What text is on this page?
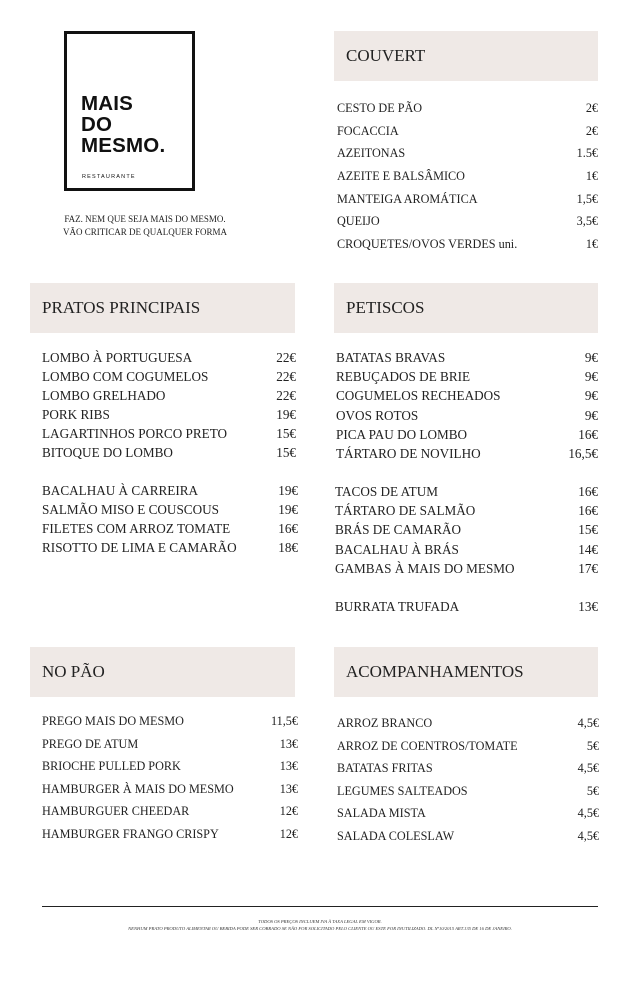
MAIS
DO
MESMO.
RESTAURANTE
FAZ. NEM QUE SEJA MAIS DO MESMO.
VÃO CRITICAR DE QUALQUER FORMA
COUVERT
CESTO DE PÃO	2€
FOCACCIA	2€
AZEITONAS	1.5€
AZEITE E BALSÂMICO	1€
MANTEIGA AROMÁTICA	1,5€
QUEIJO	3,5€
CROQUETES/OVOS VERDES uni.	1€
PRATOS PRINCIPAIS
LOMBO À PORTUGUESA	22€
LOMBO COM COGUMELOS	22€
LOMBO GRELHADO	22€
PORK RIBS	19€
LAGARTINHOS PORCO PRETO	15€
BITOQUE DO LOMBO	15€
BACALHAU À CARREIRA	19€
SALMÃO MISO E COUSCOUS	19€
FILETES COM ARROZ TOMATE	16€
RISOTTO DE LIMA E CAMARÃO	18€
PETISCOS
BATATAS BRAVAS	9€
REBUÇADOS DE BRIE	9€
COGUMELOS RECHEADOS	9€
OVOS ROTOS	9€
PICA PAU DO LOMBO	16€
TÁRTARO DE NOVILHO	16,5€
TACOS DE ATUM	16€
TÁRTARO DE SALMÃO	16€
BRÁS DE CAMARÃO	15€
BACALHAU À BRÁS	14€
GAMBAS À MAIS DO MESMO	17€
BURRATA TRUFADA	13€
NO PÃO
PREGO MAIS DO MESMO	11,5€
PREGO DE ATUM	13€
BRIOCHE PULLED PORK	13€
HAMBURGER À MAIS DO MESMO	13€
HAMBURGUER CHEEDAR	12€
HAMBURGER FRANGO CRISPY	12€
ACOMPANHAMENTOS
ARROZ BRANCO	4,5€
ARROZ DE COENTROS/TOMATE	5€
BATATAS FRITAS	4,5€
LEGUMES SALTEADOS	5€
SALADA MISTA	4,5€
SALADA COLESLAW	4,5€
TODOS OS PREÇOS INCLUEM IVA À TAXA LEGAL EM VIGOR.
NENHUM PRATO PRODUTO ALIMENTAR OU BEBIDA PODE SER COBRADO SE NÃO FOR SOLICITADO PELO CLIENTE OU ESTE FOR INUTILIZADO. DL Nº10/2015 ART.135 DE 16 DE JANEIRO.
